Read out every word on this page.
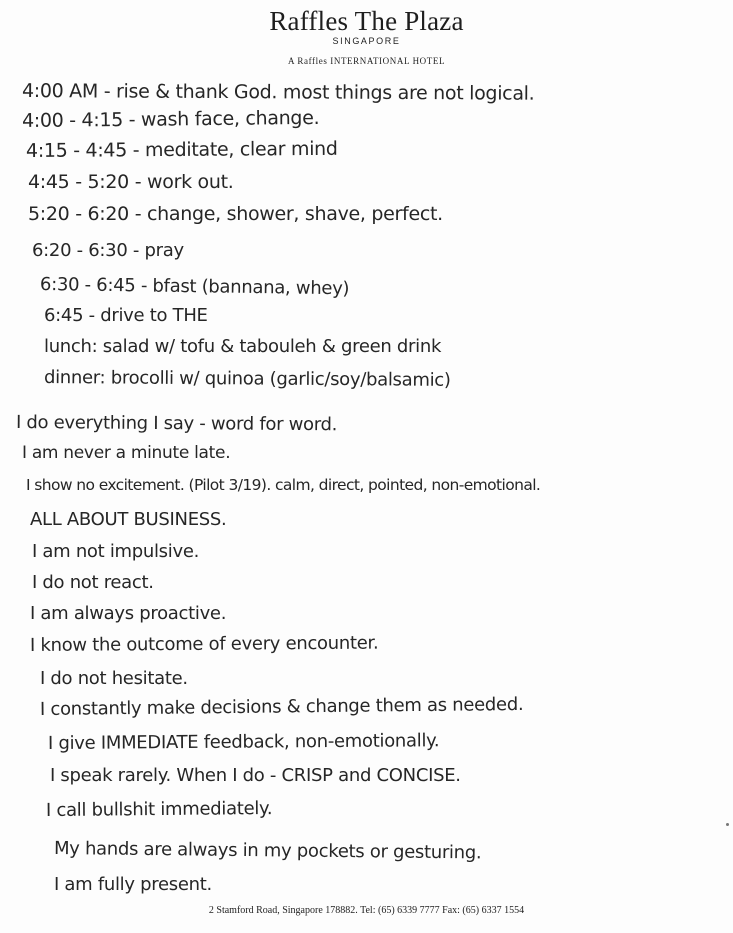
Raffles The Plaza
SINGAPORE
A Raffles INTERNATIONAL HOTEL
4:00 AM - rise & thank God. most things are not logical.
4:00 - 4:15 - wash face, change.
4:15 - 4:45 - meditate, clear mind
4:45 - 5:20 - work out.
5:20 - 6:20 - change, shower, shave, perfect.
6:20 - 6:30 - pray
6:30 - 6:45 - bfast (bannana, whey)
6:45 - drive to THE
lunch: salad w/ tofu & tabouleh & green drink
dinner: brocolli w/ quinoa (garlic/soy/balsamic)
I do everything I say - word for word.
I am never a minute late.
I show no excitement. (Pilot 3/19). calm, direct, pointed, non-emotional.
ALL ABOUT BUSINESS.
I am not impulsive.
I do not react.
I am always proactive.
I know the outcome of every encounter.
I do not hesitate.
I constantly make decisions & change them as needed.
I give IMMEDIATE feedback, non-emotionally.
I speak rarely. When I do - CRISP and CONCISE.
I call bullshit immediately.
My hands are always in my pockets or gesturing.
I am fully present.
2 Stamford Road, Singapore 178882. Tel: (65) 6339 7777 Fax: (65) 6337 1554
